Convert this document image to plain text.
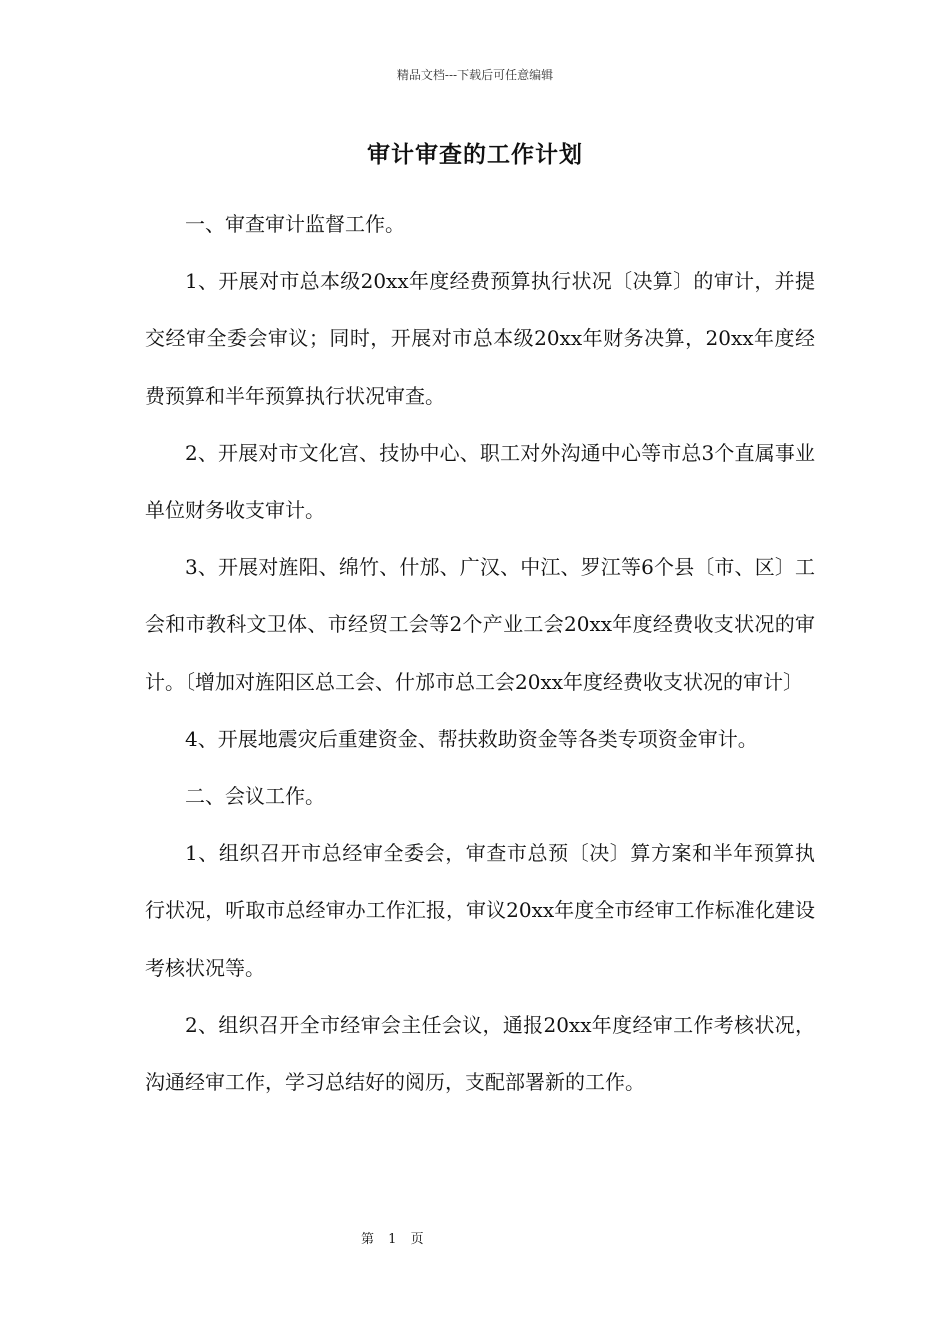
精品文档---下载后可任意编辑
审计审查的工作计划

一、审查审计监督工作。

1、开展对市总本级20xx年度经费预算执行状况〔决算〕的审计，并提交经审全委会审议；同时，开展对市总本级20xx年财务决算，20xx年度经费预算和半年预算执行状况审查。

2、开展对市文化宫、技协中心、职工对外沟通中心等市总3个直属事业单位财务收支审计。

3、开展对旌阳、绵竹、什邡、广汉、中江、罗江等6个县〔市、区〕工会和市教科文卫体、市经贸工会等2个产业工会20xx年度经费收支状况的审计。〔增加对旌阳区总工会、什邡市总工会20xx年度经费收支状况的审计〕

4、开展地震灾后重建资金、帮扶救助资金等各类专项资金审计。

二、会议工作。

1、组织召开市总经审全委会，审查市总预〔决〕算方案和半年预算执行状况，听取市总经审办工作汇报，审议20xx年度全市经审工作标准化建设考核状况等。

2、组织召开全市经审会主任会议，通报20xx年度经审工作考核状况，沟通经审工作，学习总结好的阅历，支配部署新的工作。

第 1 页
